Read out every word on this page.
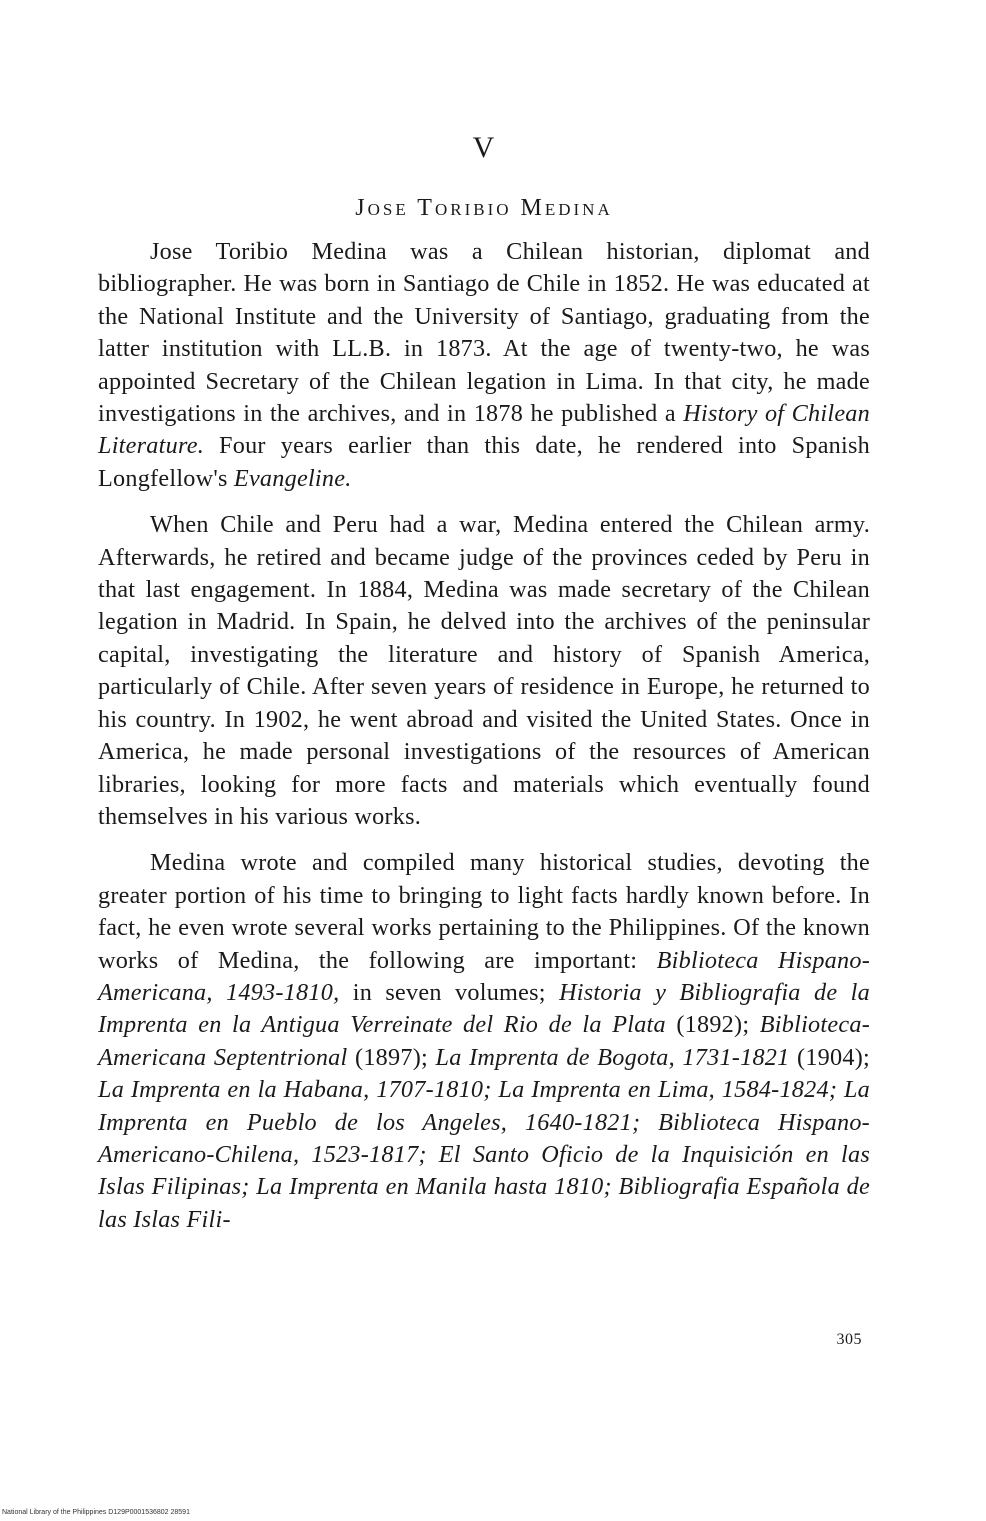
V
Jose Toribio Medina

Jose Toribio Medina was a Chilean historian, diplomat and bibliographer. He was born in Santiago de Chile in 1852. He was educated at the National Institute and the University of Santiago, graduating from the latter institution with LL.B. in 1873. At the age of twenty-two, he was appointed Secretary of the Chilean legation in Lima. In that city, he made investigations in the archives, and in 1878 he published a History of Chilean Literature. Four years earlier than this date, he rendered into Spanish Longfellow's Evangeline.

When Chile and Peru had a war, Medina entered the Chilean army. Afterwards, he retired and became judge of the provinces ceded by Peru in that last engagement. In 1884, Medina was made secretary of the Chilean legation in Madrid. In Spain, he delved into the archives of the peninsular capital, investigating the literature and history of Spanish America, particularly of Chile. After seven years of residence in Europe, he returned to his country. In 1902, he went abroad and visited the United States. Once in America, he made personal investigations of the resources of American libraries, looking for more facts and materials which eventually found themselves in his various works.

Medina wrote and compiled many historical studies, devoting the greater portion of his time to bringing to light facts hardly known before. In fact, he even wrote several works pertaining to the Philippines. Of the known works of Medina, the following are important: Biblioteca Hispano-Americana, 1493-1810, in seven volumes; Historia y Bibliografia de la Imprenta en la Antigua Verreinate del Rio de la Plata (1892); Biblioteca-Americana Septentrional (1897); La Imprenta de Bogota, 1731-1821 (1904); La Imprenta en la Habana, 1707-1810; La Imprenta en Lima, 1584-1824; La Imprenta en Pueblo de los Angeles, 1640-1821; Biblioteca Hispano-Americano-Chilena, 1523-1817; El Santo Oficio de la Inquisición en las Islas Filipinas; La Imprenta en Manila hasta 1810; Bibliografia Española de las Islas Fili-

305
National Library of the Philippines D129P0001536802 28591
